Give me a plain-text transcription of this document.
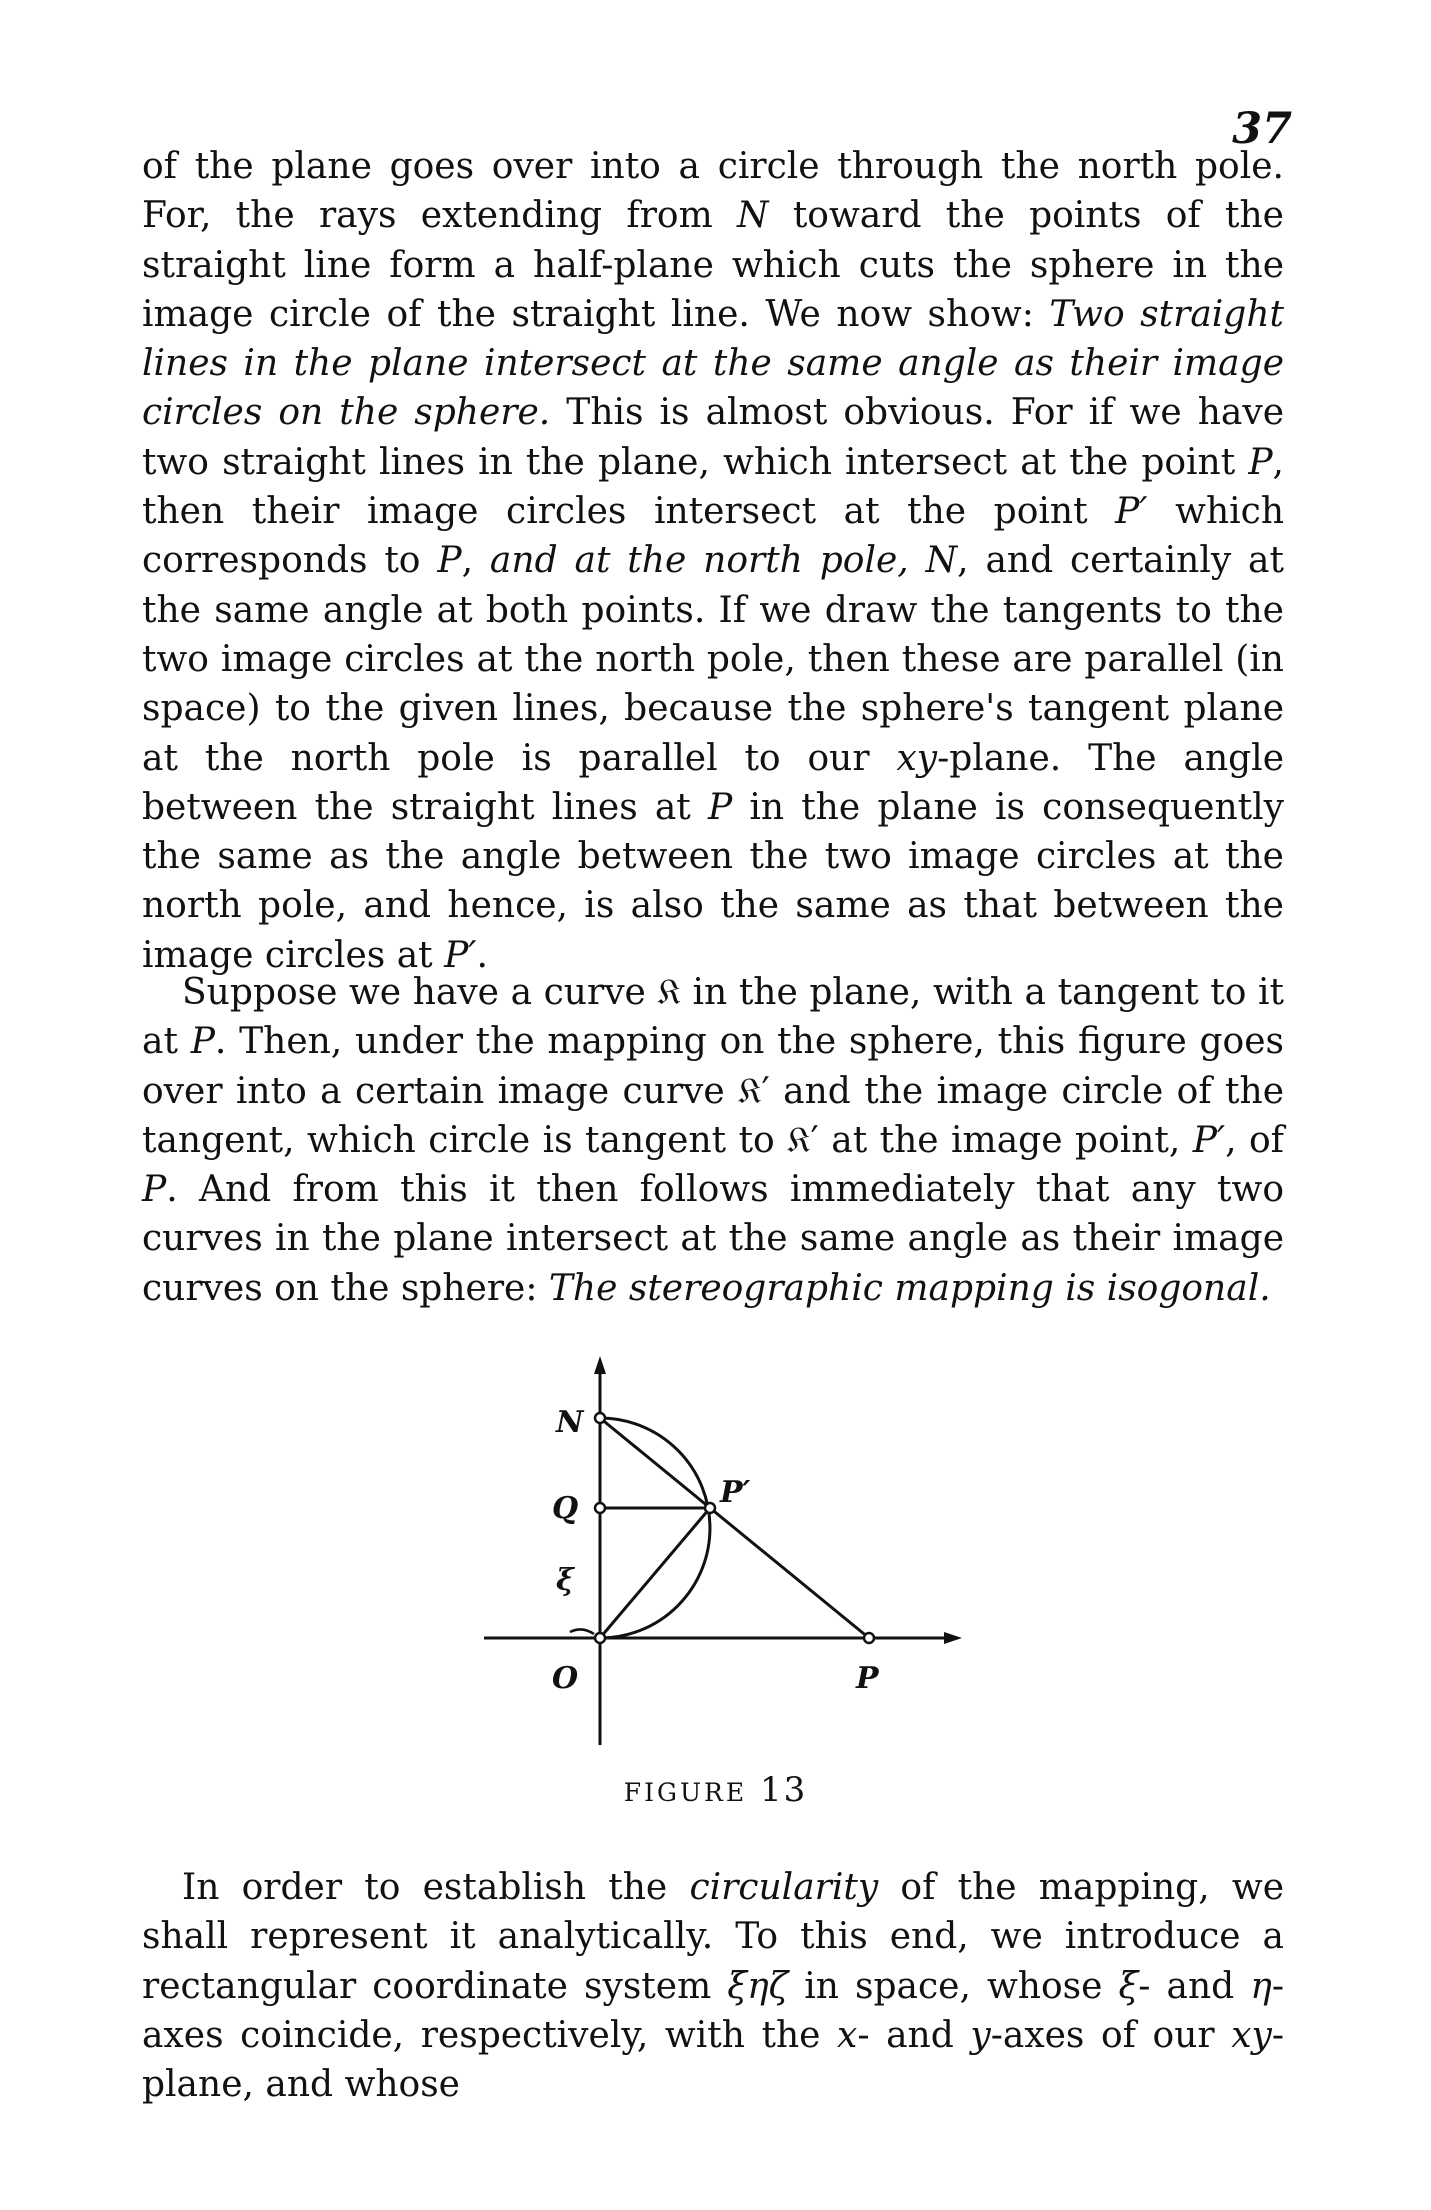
37

of the plane goes over into a circle through the north pole. For, the rays extending from N toward the points of the straight line form a half-plane which cuts the sphere in the image circle of the straight line. We now show: Two straight lines in the plane intersect at the same angle as their image circles on the sphere. This is almost obvious. For if we have two straight lines in the plane, which intersect at the point P, then their image circles intersect at the point P′ which corresponds to P, and at the north pole, N, and certainly at the same angle at both points. If we draw the tangents to the two image circles at the north pole, then these are parallel (in space) to the given lines, because the sphere's tangent plane at the north pole is parallel to our xy-plane. The angle between the straight lines at P in the plane is consequently the same as the angle between the two image circles at the north pole, and hence, is also the same as that between the image circles at P′.

Suppose we have a curve 𝔎 in the plane, with a tangent to it at P. Then, under the mapping on the sphere, this figure goes over into a certain image curve 𝔎′ and the image circle of the tangent, which circle is tangent to 𝔎′ at the image point, P′, of P. And from this it then follows immediately that any two curves in the plane intersect at the same angle as their image curves on the sphere: The stereographic mapping is isogonal.

N
Q
ξ
O	P
P′
FIGURE 13

In order to establish the circularity of the mapping, we shall represent it analytically. To this end, we introduce a rectangular coordinate system ξηζ in space, whose ξ- and η-axes coincide, respectively, with the x- and y-axes of our xy-plane, and whose
